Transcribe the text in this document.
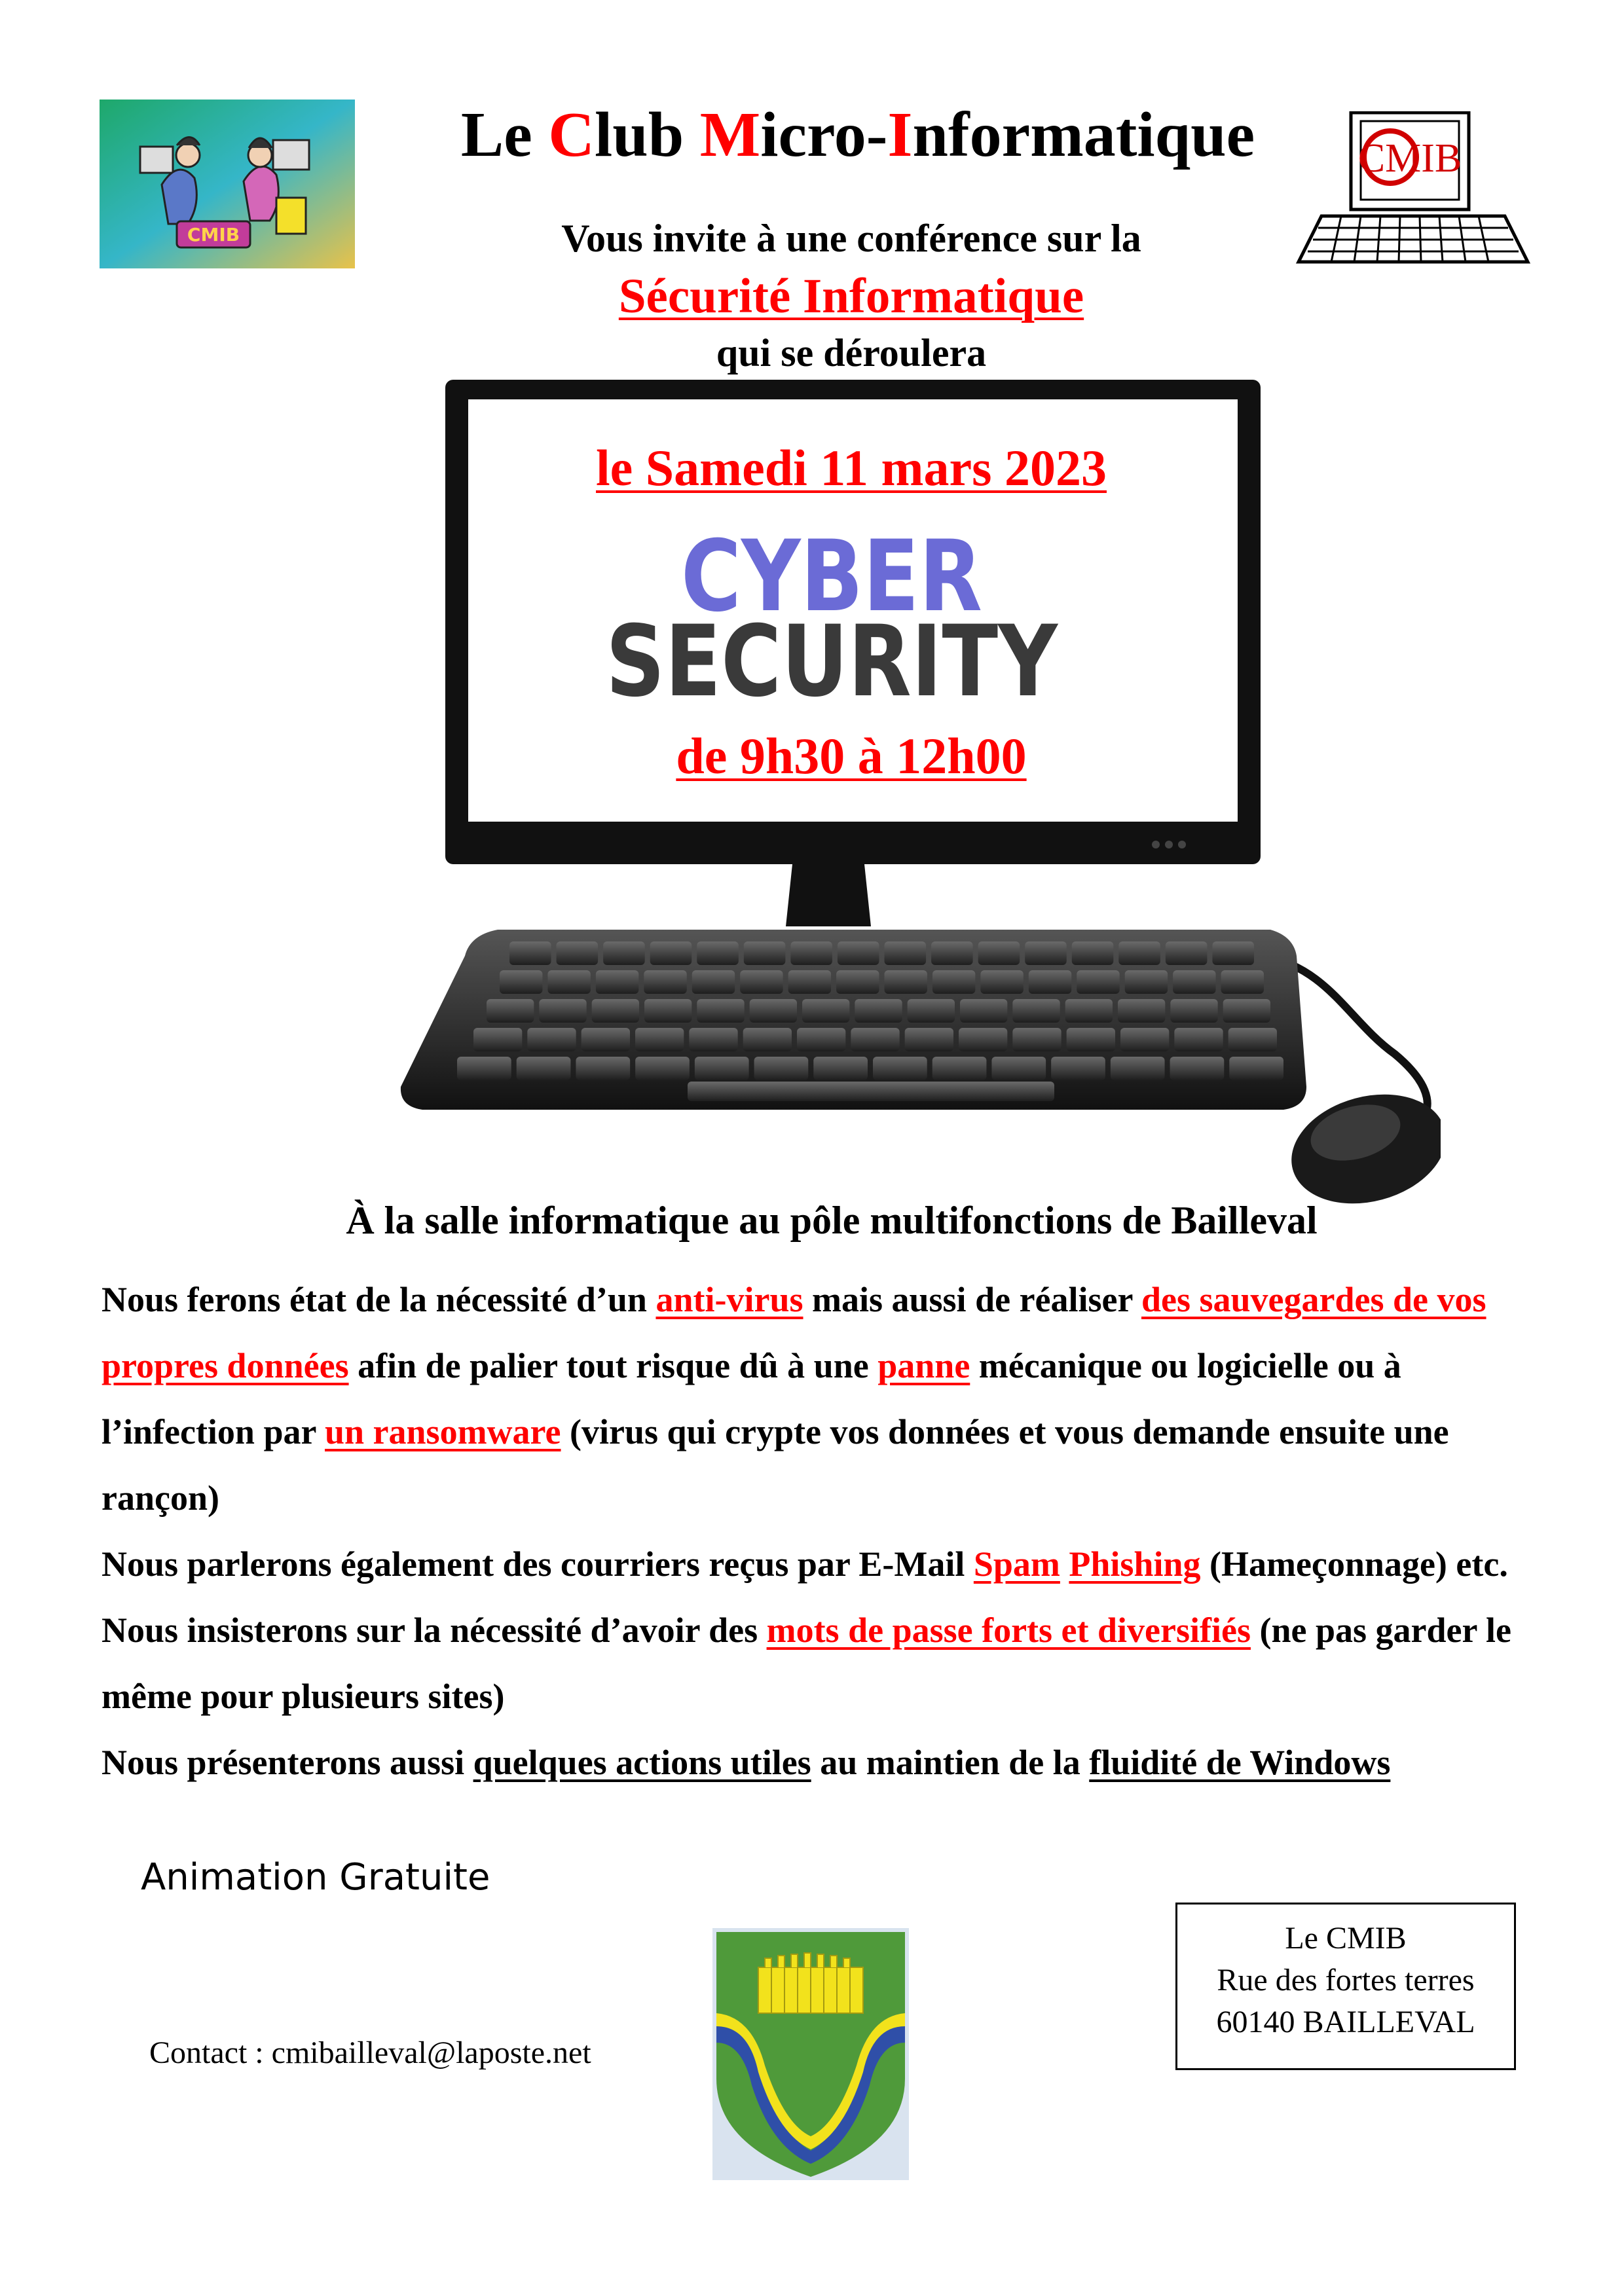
CMIB
CMIB
Le Club Micro-Informatique
Vous invite à une conférence sur la
Sécurité Informatique
qui se déroulera
CYBER
SECURITY
le Samedi 11 mars 2023
de 9h30 à 12h00
À la salle informatique au pôle multifonctions de Bailleval

Nous ferons état de la nécessité d’un anti-virus mais aussi de réaliser des sauvegardes de vos propres données afin de palier tout risque dû à une panne mécanique ou logicielle ou à l’infection par un ransomware (virus qui crypte vos données et vous demande ensuite une rançon)

Nous parlerons également des courriers reçus par E-Mail Spam Phishing (Hameçonnage) etc.

Nous insisterons sur la nécessité d’avoir des mots de passe forts et diversifiés (ne pas garder le même pour plusieurs sites)

Nous présenterons aussi quelques actions utiles au maintien de la fluidité de Windows

Animation Gratuite
Contact : cmibailleval@laposte.net
Le CMIB
Rue des fortes terres
60140 BAILLEVAL
